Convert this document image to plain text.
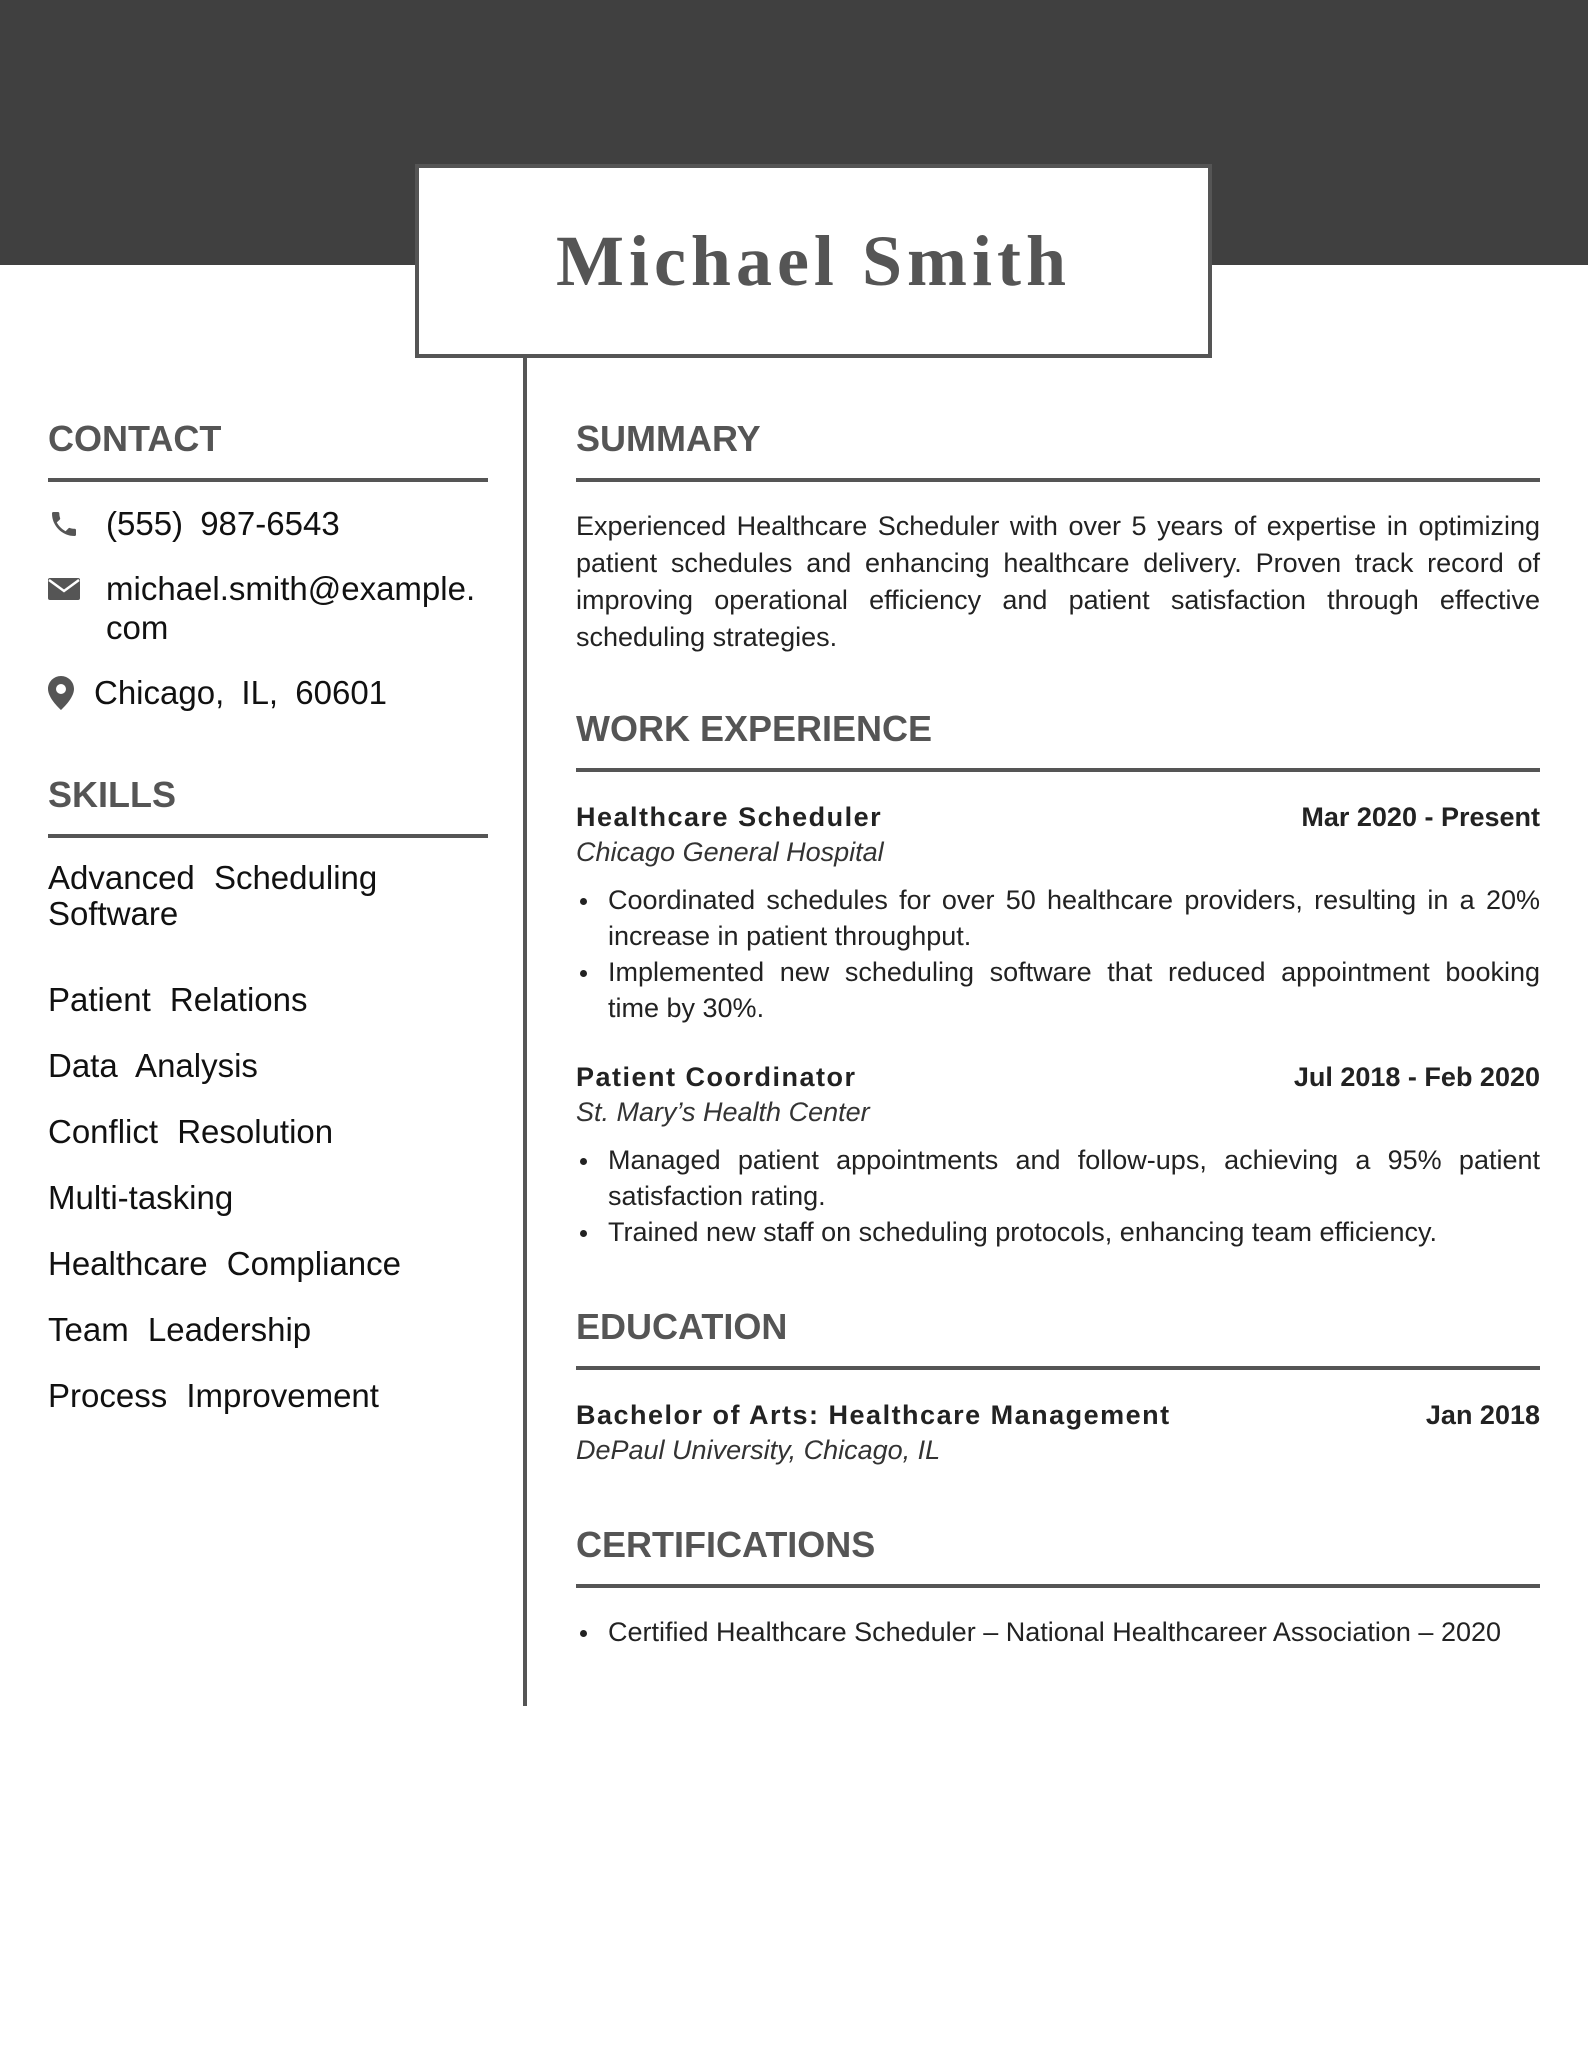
Michael Smith
CONTACT
(555) 987-6543
michael.smith@example.
com
Chicago, IL, 60601
SKILLS
Advanced Scheduling
Software
Patient Relations
Data Analysis
Conflict Resolution
Multi-tasking
Healthcare Compliance
Team Leadership
Process Improvement
SUMMARY
Experienced Healthcare Scheduler with over 5 years of expertise in optimizing patient schedules and enhancing healthcare delivery. Proven track record of improving operational efficiency and patient satisfaction through effective scheduling strategies.
WORK EXPERIENCE
Healthcare Scheduler	Mar 2020 - Present
Chicago General Hospital
Coordinated schedules for over 50 healthcare providers, resulting in a 20% increase in patient throughput.
Implemented new scheduling software that reduced appointment booking time by 30%.
Patient Coordinator	Jul 2018 - Feb 2020
St. Mary’s Health Center
Managed patient appointments and follow-ups, achieving a 95% patient satisfaction rating.
Trained new staff on scheduling protocols, enhancing team efficiency.
EDUCATION
Bachelor of Arts: Healthcare Management	Jan 2018
DePaul University, Chicago, IL
CERTIFICATIONS
Certified Healthcare Scheduler – National Healthcareer Association – 2020
